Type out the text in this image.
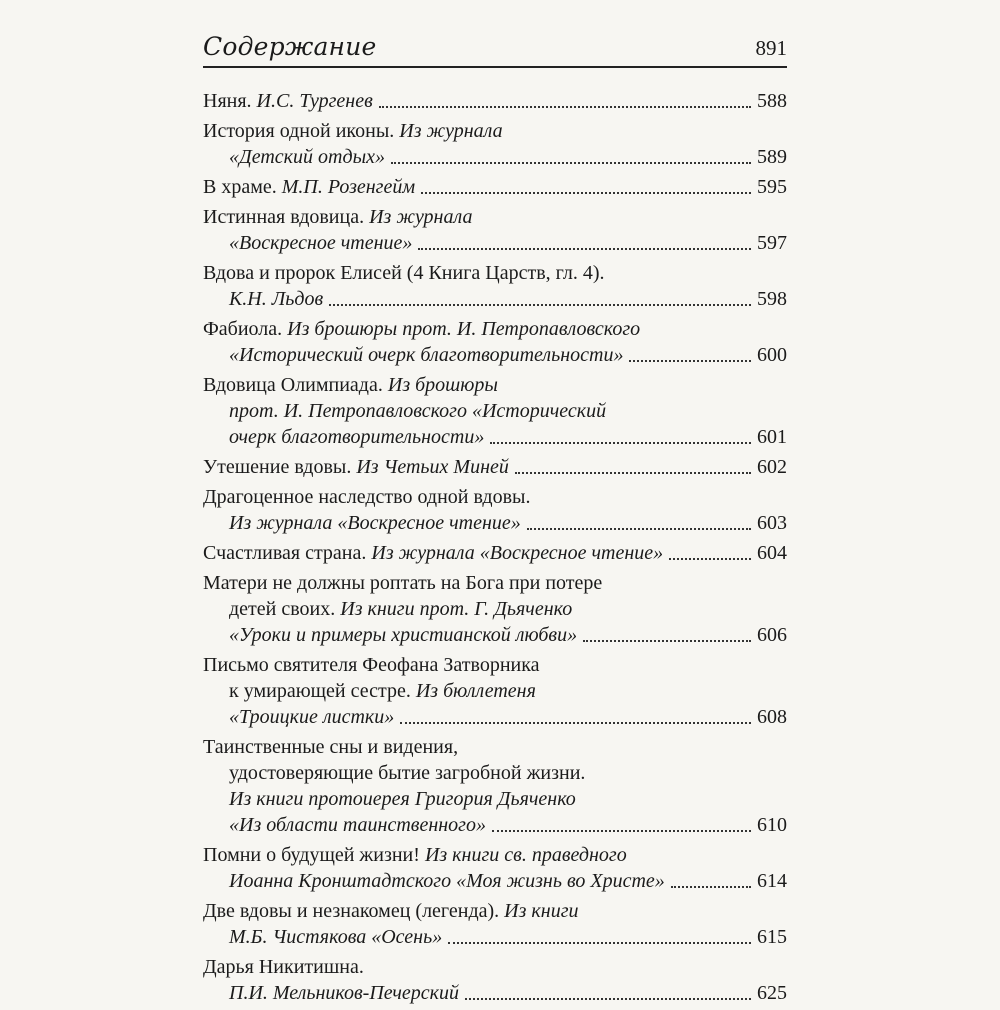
Содержание	891
Няня.
И.С. Тургенев	588
История одной иконы.
Из журнала
«Детский отдых»	589
В храме.
М.П. Розенгейм	595
Истинная вдовица.
Из журнала
«Воскресное чтение»	597
Вдова и пророк Елисей (4 Книга Царств, гл. 4).
К.Н. Льдов	598
Фабиола.
Из брошюры прот. И. Петропавловского
«Исторический очерк благотворительности»	600
Вдовица Олимпиада.
Из брошюры
прот. И. Петропавловского «Исторический
очерк благотворительности»	601
Утешение вдовы.
Из Четьих Миней	602
Драгоценное наследство одной вдовы.
Из журнала «Воскресное чтение»	603
Счастливая страна.
Из журнала «Воскресное чтение»	604
Матери не должны роптать на Бога при потере
детей своих.
Из книги прот. Г. Дьяченко
«Уроки и примеры христианской любви»	606
Письмо святителя Феофана Затворника
к умирающей сестре.
Из бюллетеня
«Троицкие листки»	608
Таинственные сны и видения,
удостоверяющие бытие загробной жизни.
Из книги протоиерея Григория Дьяченко
«Из области таинственного»	610
Помни о будущей жизни!
Из книги св. праведного
Иоанна Кронштадтского «Моя жизнь во Христе»	614
Две вдовы и незнакомец (легенда).
Из книги
М.Б. Чистякова «Осень»	615
Дарья Никитишна.
П.И. Мельников-Печерский	625
